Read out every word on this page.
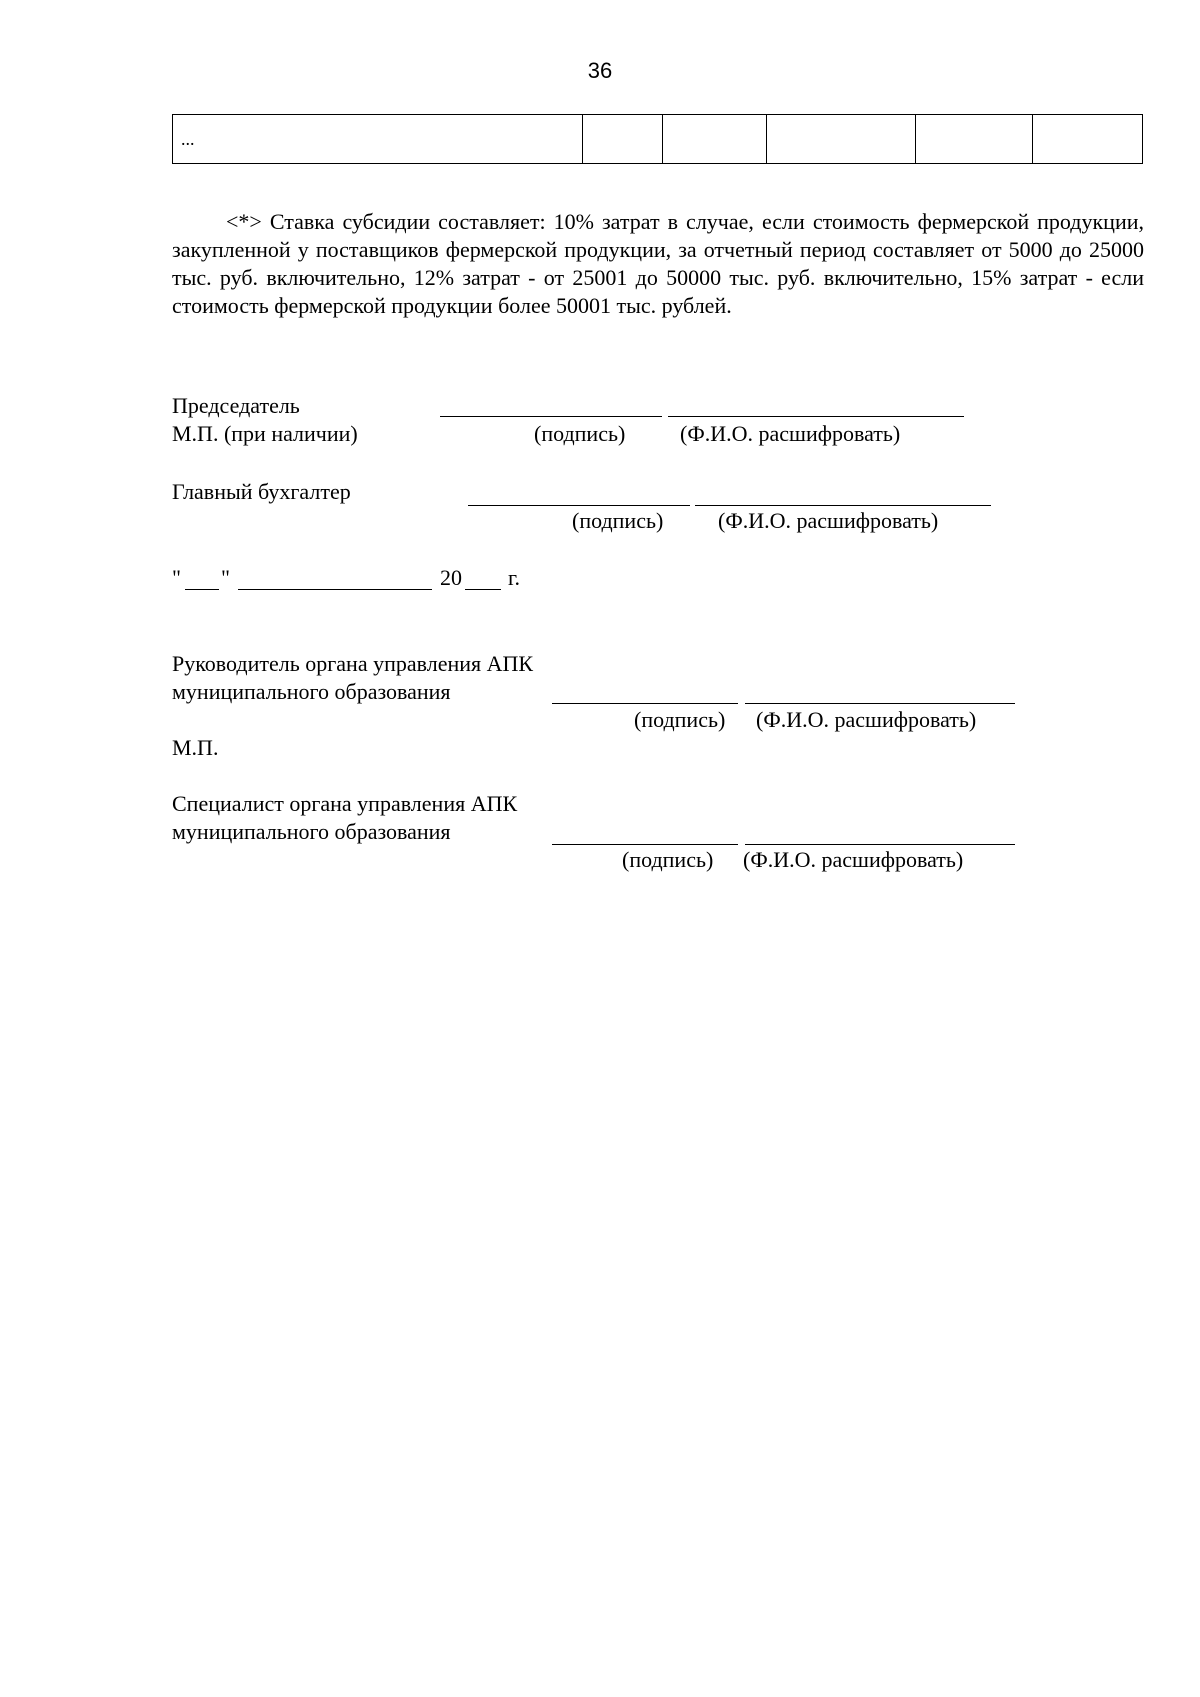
36
...					

<*> Ставка субсидии составляет: 10% затрат в случае, если стоимость фермерской продукции, закупленной у поставщиков фермерской продукции, за отчетный период составляет от 5000 до 25000 тыс. руб. включительно, 12% затрат - от 25001 до 50000 тыс. руб. включительно, 15% затрат - если стоимость фермерской продукции более 50001 тыс. рублей.

Председатель
М.П. (при наличии)	(подпись) (Ф.И.О. расшифровать)
Главный бухгалтер
(подпись) (Ф.И.О. расшифровать)
" "	20 г.
Руководитель органа управления АПК
муниципального образования
(подпись) (Ф.И.О. расшифровать)
М.П.
Специалист органа управления АПК
муниципального образования
(подпись) (Ф.И.О. расшифровать)
